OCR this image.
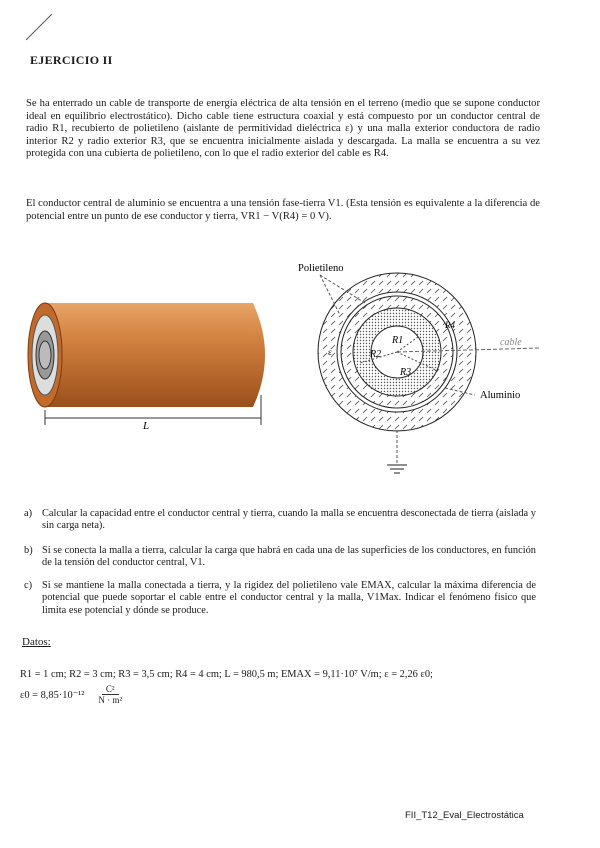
EJERCICIO II
Se ha enterrado un cable de transporte de energía eléctrica de alta tensión en el terreno (medio que se supone conductor ideal en equilibrio electrostático). Dicho cable tiene estructura coaxial y está compuesto por un conductor central de radio R1, recubierto de polietileno (aislante de permitividad dieléctrica ε) y una malla exterior conductora de radio interior R2 y radio exterior R3, que se encuentra inicialmente aislada y descargada. La malla se encuentra a su vez protegida con una cubierta de polietileno, con lo que el radio exterior del cable es R4.
El conductor central de aluminio se encuentra a una tensión fase-tierra V1. (Esta tensión es equivalente a la diferencia de potencial entre un punto de ese conductor y tierra, VR1 − V(R4) = 0 V).
L
Polietileno
R1
R2
R3
R4
ε
cable
Aluminio
a) Calcular la capacidad entre el conductor central y tierra, cuando la malla se encuentra desconectada de tierra (aislada y sin carga neta).
b) Si se conecta la malla a tierra, calcular la carga que habrá en cada una de las superficies de los conductores, en función de la tensión del conductor central, V1.
c) Si se mantiene la malla conectada a tierra, y la rigidez del polietileno vale EMAX, calcular la máxima diferencia de potencial que puede soportar el cable entre el conductor central y la malla, V1Max. Indicar el fenómeno físico que limita ese potencial y dónde se produce.
Datos:
R1 = 1 cm; R2 = 3 cm; R3 = 3,5 cm; R4 = 4 cm; L = 980,5 m; EMAX = 9,11·10⁷ V/m; ε = 2,26 ε0;
$\varepsilon 0 = 8,85\cdot 10^{-12} \frac{\text{C²}}{\text{N · m²}}$
FII_T12_Eval_Electrostática
